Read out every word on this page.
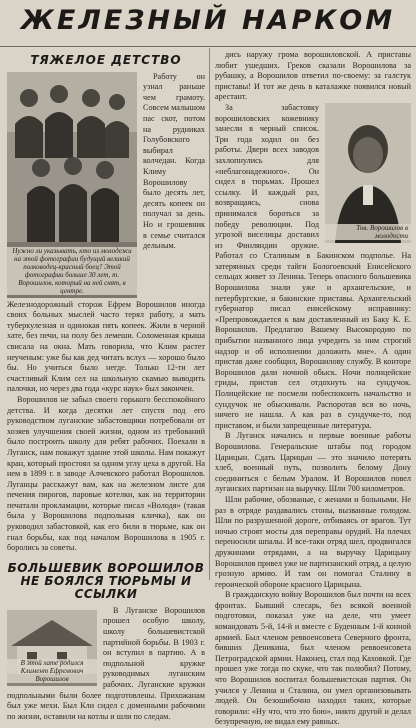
ЖЕЛЕЗНЫЙ НАРКОМ
ТЯЖЕЛОЕ ДЕТСТВО
Нужно ли указывать, кто из молодежи на этой фотографии будущий великий полководец-красный боец? Этой фотографии больше 30 лет, т. Ворошилов, который на ней снят, в центре.

Работу он узнал раньше чем грамоту. Совсем малышом пас скот, потом на рудниках Голубовского выбирал колчедан. Когда Климу Ворошилову было десять лет, десять копеек он получал за день. Но и грошевник в семье считался дельным. Железнодорожный сторож Ефрем Ворошилов иногда своих больных мыслей часто терял работу, а мать туберкулезная и одинокая пять копеек. Жили в черной хате, без печи, на полу без лемеши. Соломенная крыша свисала на окна. Мать говорила, что Клим растет неученым: уже бы как дед читать вслух — хорошо было бы. Но учиться было негде. Только 12-ти лет счастливый Клим сел на школьную скамью выводить палочки, но через два года «курс наук» был закончен.

Ворошилов не забыл своего горького бесспокойного детства. И когда десятки лет спустя под его руководством луганские забастовщики потребовали от хозяев улучшения своей жизни, одном из требований было построить школу для ребят рабочих. Поехали в Луганск, нам покажут здание этой школы. Нам покажут кран, который простоял за одном углу цеха в другой. На нем в 1899 г. в заводе Алчевского работал Ворошилов. Луганцы расскажут вам, как на железном листе для печения пирогов, паровые котелки, как на территории печатали прокламации, которые писал «Володя» (такая была у Ворошилова подпольная кличка), как он руководил забастовкой, как его били в тюрьме, как он гнал борьбы, как под началом Ворошилова в 1905 г. боролись за советы.

БОЛЬШЕВИК ВОРОШИЛОВ НЕ БОЯЛСЯ ТЮРЬМЫ И ССЫЛКИ
В этой хате родился Климент Ефремович Ворошилов

В Луганске Ворошилов прошел особую школу, школу большевистской партийной борьбы. В 1903 г. он вступил в партию. А в подпольной кружке руководимых луганским рабочих. Луганские кружки подпольными были более подготовлены. Прихожанам был уже мехи. Был Кли сидел с доменными рабочими по жизни, оставили на котлы и шли по следам.

дись наружу грома ворошиловской. А приставы любит ушедших. Греков сказали Ворошилова за рубашку, а Ворошилов ответил по-своему: за галстук приставы! И тот же день в каталажке появился новый арестант.

Тов. Ворошилов в молодости

За забастовку ворошиловских кожевнику занесли в черный список. Три года ходил он без работы. Двери всех заводов захлопнулись для «неблагонадежного». Он сидел в тюрьмах. Прошел ссылку. И каждый раз, возвращаясь, снова принимался бороться за победу революции. Под угрозой виселицы доставил из Финляндии оружие. Работал со Сталиным в Бакинском подполье. На затерянных среди тайги Бологоевский Енисейского сельцах живет зэ Ленина. Теперь опасного большевика Ворошилова знали уже и архангельские, и петербургские, и бакинские приставы. Архангельский губернатор писал енисейскому исправнику: «Препровождается к вам доставленный из Баку К. Е. Ворошилов. Предлагаю Вашему Высокородию по прибытии названного лица учредить за ним строгий надзор и об исполнении доложить мне». А один пристав даже сообщил, Ворошилову службу. В конторе Ворошилов дали ночной обыск. Ночи полицейские гриды, пристав сел отдохнуть на сундучок. Полицейские не посмели побеспокоить начальство и сундучок не обыскивали. Распоротая вся во ночь, ничего не нашла. А как раз в сундучке-то, под приставом, и были запрещенные литература.

В Луганск начались и первые военные работы Ворошилова. Генеральские штабы под городом Царицын. Сдать Царицын — это значило потерять хлеб, военный путь, позволить белому Дону соединиться с белым Уралом. И Ворошилов повел луганских партизан на выручку. Шли 700 километров.

Шли рабочие, обозваные, с женами и больными. Не раз в отряде раздавались стоны, вызванные голодом. Шли по разрушенной дороге, отбиваясь от врагов. Тут ночью строят мосты для переправы орудий. На плечах переносили шпалы. И все-таки отряд шел, продвигался дружинами отрядами, а на выручку Царицыну Ворошилов привел уже не партизанский отряд, а целую грозную армию. И там он помогал Сталину в героической обороне красного Царицына.

В гражданскую войну Ворошилов был почти на всех фронтах. Бывший слесарь, без всякой военной подготовки, показал уже на деле, что умеет командовать 5-й, 14-й и вместе с Буденным 1-й конной армией. Был членом реввоенсовета Северного фронта, бивших Деникина, был членом реввоенсовета Петроградской армии. Наконец, стал под Каховкой. Где прошел уже тогда по скуке, что так полюбил? Потому, что Ворошилов воспитал большевистская партия. Он учился у Ленина и Сталина, он умел организовывать людей. Он безошибочно находил таких, которые говорили: «Ну что, что это бою», никто другой и делал безупречную, не видал ему равных.
